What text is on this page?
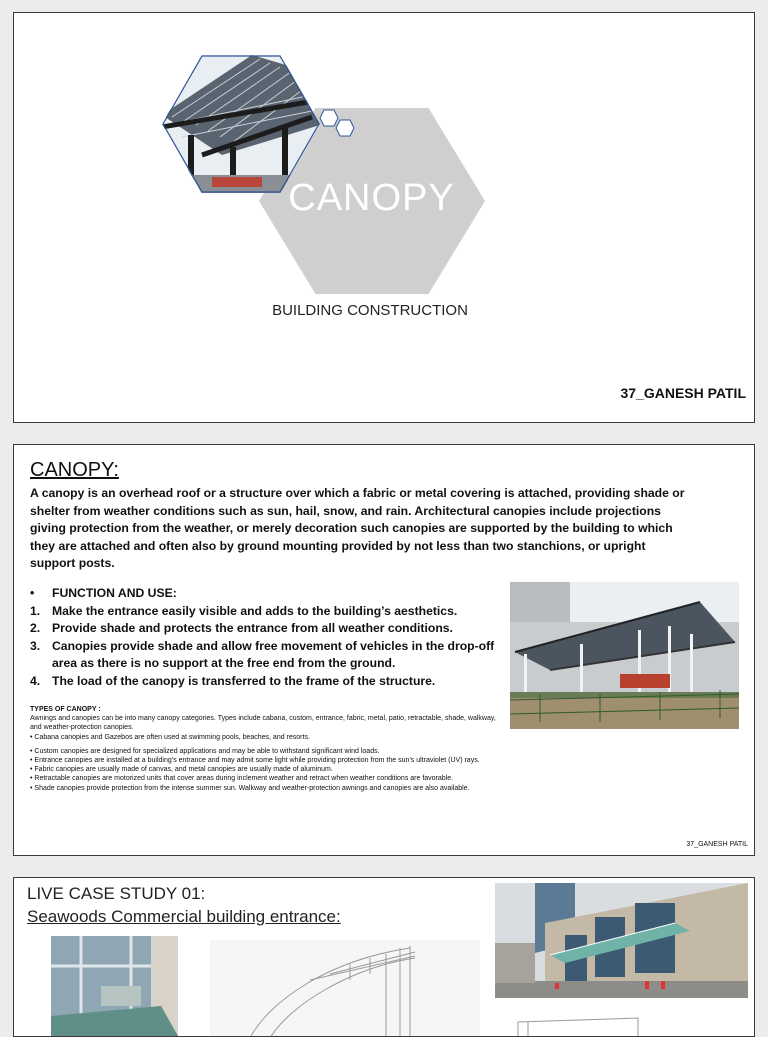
CANOPY
BUILDING CONSTRUCTION
37_GANESH PATIL
CANOPY:
A canopy is an overhead roof or a structure over which a fabric or metal covering is attached, providing shade or shelter from weather conditions such as sun, hail, snow, and rain. Architectural canopies include projections giving protection from the weather, or merely decoration such canopies are supported by the building to which they are attached and often also by ground mounting provided by not less than two stanchions, or upright support posts.
• FUNCTION AND USE:
1. Make the entrance easily visible and adds to the building’s aesthetics.
2. Provide shade and protects the entrance from all weather conditions.
3. Canopies provide shade and allow free movement of vehicles in the drop-off area as there is no support at the free end from the ground.
4. The load of the canopy is transferred to the frame of the structure.

TYPES OF CANOPY :

Awnings and canopies can be into many canopy categories. Types include cabana, custom, entrance, fabric, metal, patio, retractable, shade, walkway, and weather-protection canopies.

• Cabana canopies and Gazebos are often used at swimming pools, beaches, and resorts.

• Custom canopies are designed for specialized applications and may be able to withstand significant wind loads.

• Entrance canopies are installed at a building’s entrance and may admit some light while providing protection from the sun’s ultraviolet (UV) rays.

• Fabric canopies are usually made of canvas, and metal canopies are usually made of aluminum.

• Retractable canopies are motorized units that cover areas during inclement weather and retract when weather conditions are favorable.

• Shade canopies provide protection from the intense summer sun. Walkway and weather-protection awnings and canopies are also available.

37_GANESH PATIL
LIVE CASE STUDY 01:
Seawoods Commercial building entrance:
